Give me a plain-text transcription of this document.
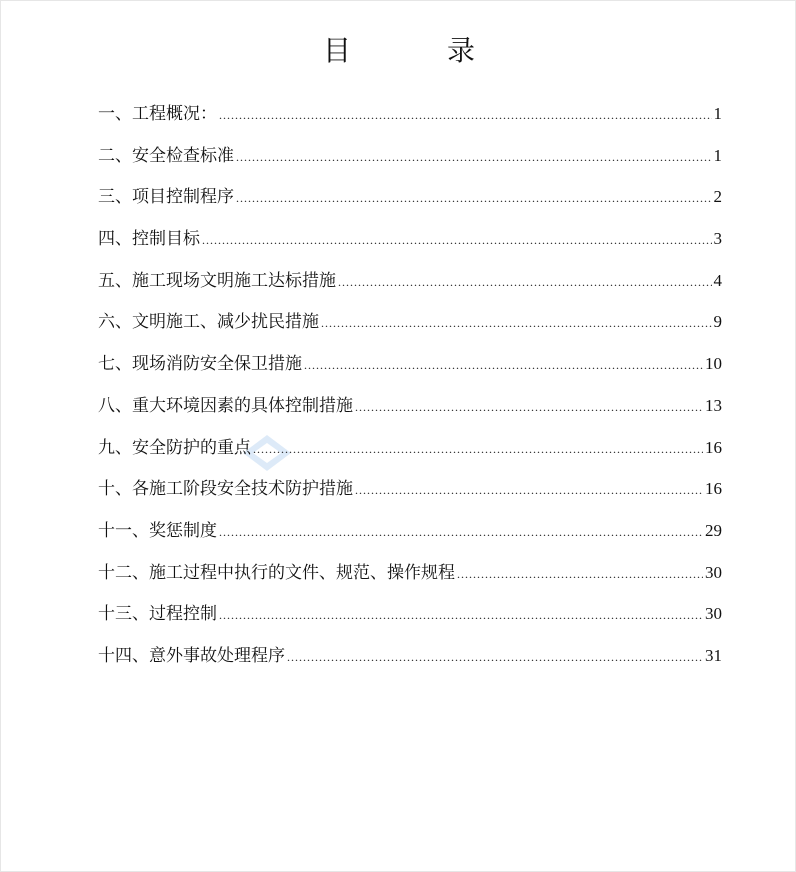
目	录
一、工程概况： .....	1
二、安全检查标准 .....	1
三、项目控制程序 .....	2
四、控制目标 .....	3
五、施工现场文明施工达标措施 .....	4
六、文明施工、减少扰民措施 .....	9
七、现场消防安全保卫措施 .....	10
八、重大环境因素的具体控制措施 .....	13
九、安全防护的重点 .....	16
十、各施工阶段安全技术防护措施 .....	16
十一、奖惩制度 .....	29
十二、施工过程中执行的文件、规范、操作规程 .....	30
十三、过程控制 .....	30
十四、意外事故处理程序 .....	31
